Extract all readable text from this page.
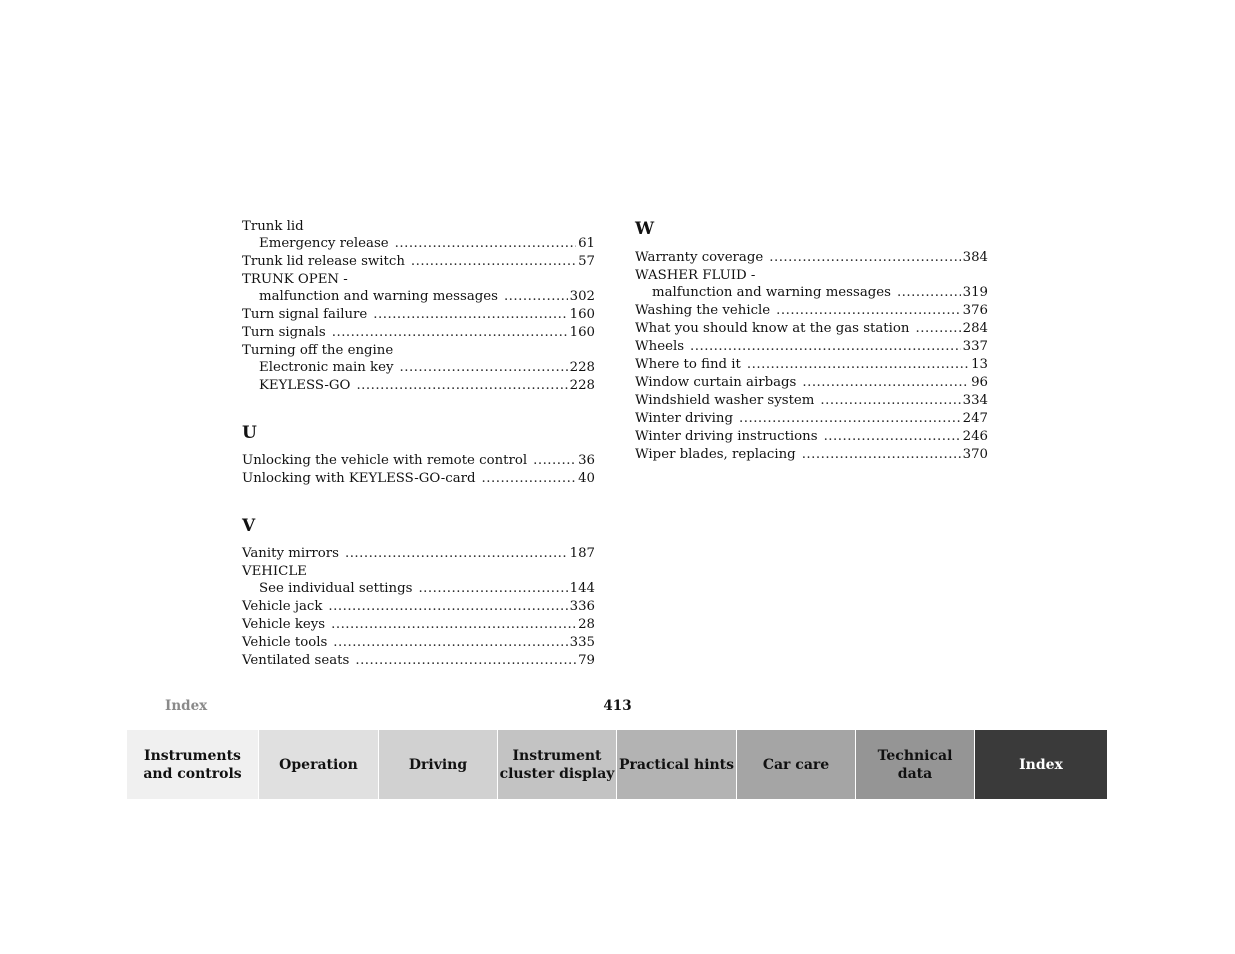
Trunk lid
Emergency release .....	61
Trunk lid release switch .....	57
TRUNK OPEN -
malfunction and warning messages .....	302
Turn signal failure .....	160
Turn signals .....	160
Turning off the engine
Electronic main key .....	228
KEYLESS-GO .....	228
U
Unlocking the vehicle with remote control .....	36
Unlocking with KEYLESS-GO-card .....	40
V
Vanity mirrors .....	187
VEHICLE
See individual settings .....	144
Vehicle jack .....	336
Vehicle keys .....	28
Vehicle tools .....	335
Ventilated seats .....	79
W
Warranty coverage .....	384
WASHER FLUID -
malfunction and warning messages .....	319
Washing the vehicle .....	376
What you should know at the gas station .....	284
Wheels .....	337
Where to find it .....	13
Window curtain airbags .....	96
Windshield washer system .....	334
Winter driving .....	247
Winter driving instructions .....	246
Wiper blades, replacing .....	370
Index	413
Instruments
and controls
Operation	Driving
Instrument
cluster display
Practical hints	Car care
Technical
data
Index
